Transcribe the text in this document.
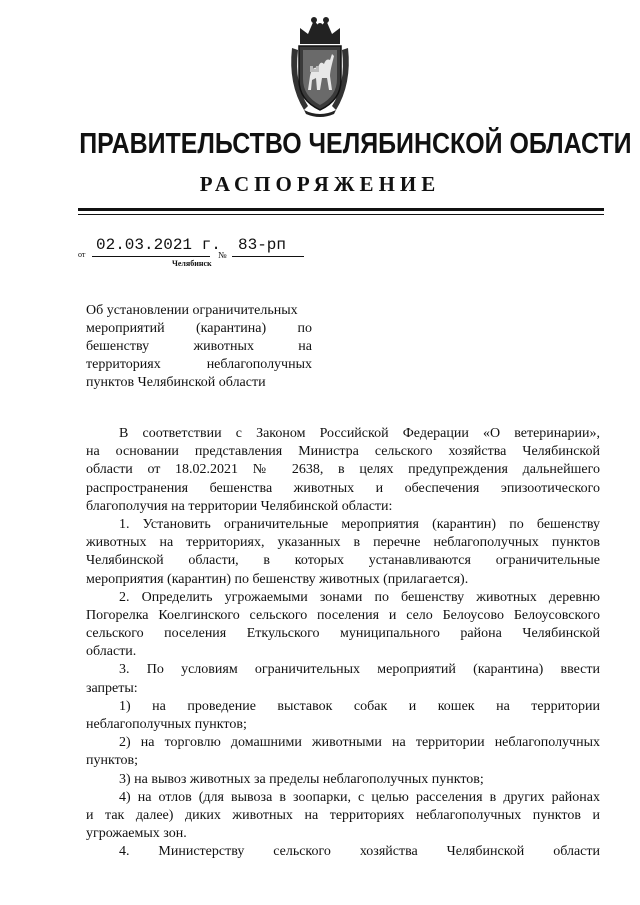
ПРАВИТЕЛЬСТВО ЧЕЛЯБИНСКОЙ ОБЛАСТИ
РАСПОРЯЖЕНИЕ
от
02.03.2021 г.
№
83-рп
Челябинск
Об установлении ограничительных
мероприятий (карантина) по
бешенству животных на
территориях неблагополучных
пунктов Челябинской области
В соответствии с Законом Российской Федерации «О ветеринарии»,
на основании представления Министра сельского хозяйства Челябинской
области от 18.02.2021 № 2638, в целях предупреждения дальнейшего
распространения бешенства животных и обеспечения эпизоотического
благополучия на территории Челябинской области:
1. Установить ограничительные мероприятия (карантин) по бешенству
животных на территориях, указанных в перечне неблагополучных пунктов
Челябинской области, в которых устанавливаются ограничительные
мероприятия (карантин) по бешенству животных (прилагается).
2. Определить угрожаемыми зонами по бешенству животных деревню
Погорелка Коелгинского сельского поселения и село Белоусово Белоусовского
сельского поселения Еткульского муниципального района Челябинской
области.
3. По условиям ограничительных мероприятий (карантина) ввести
запреты:
1) на проведение выставок собак и кошек на территории
неблагополучных пунктов;
2) на торговлю домашними животными на территории неблагополучных
пунктов;
3) на вывоз животных за пределы неблагополучных пунктов;
4) на отлов (для вывоза в зоопарки, с целью расселения в других районах
и так далее) диких животных на территориях неблагополучных пунктов и
угрожаемых зон.
4. Министерству сельского хозяйства Челябинской области
